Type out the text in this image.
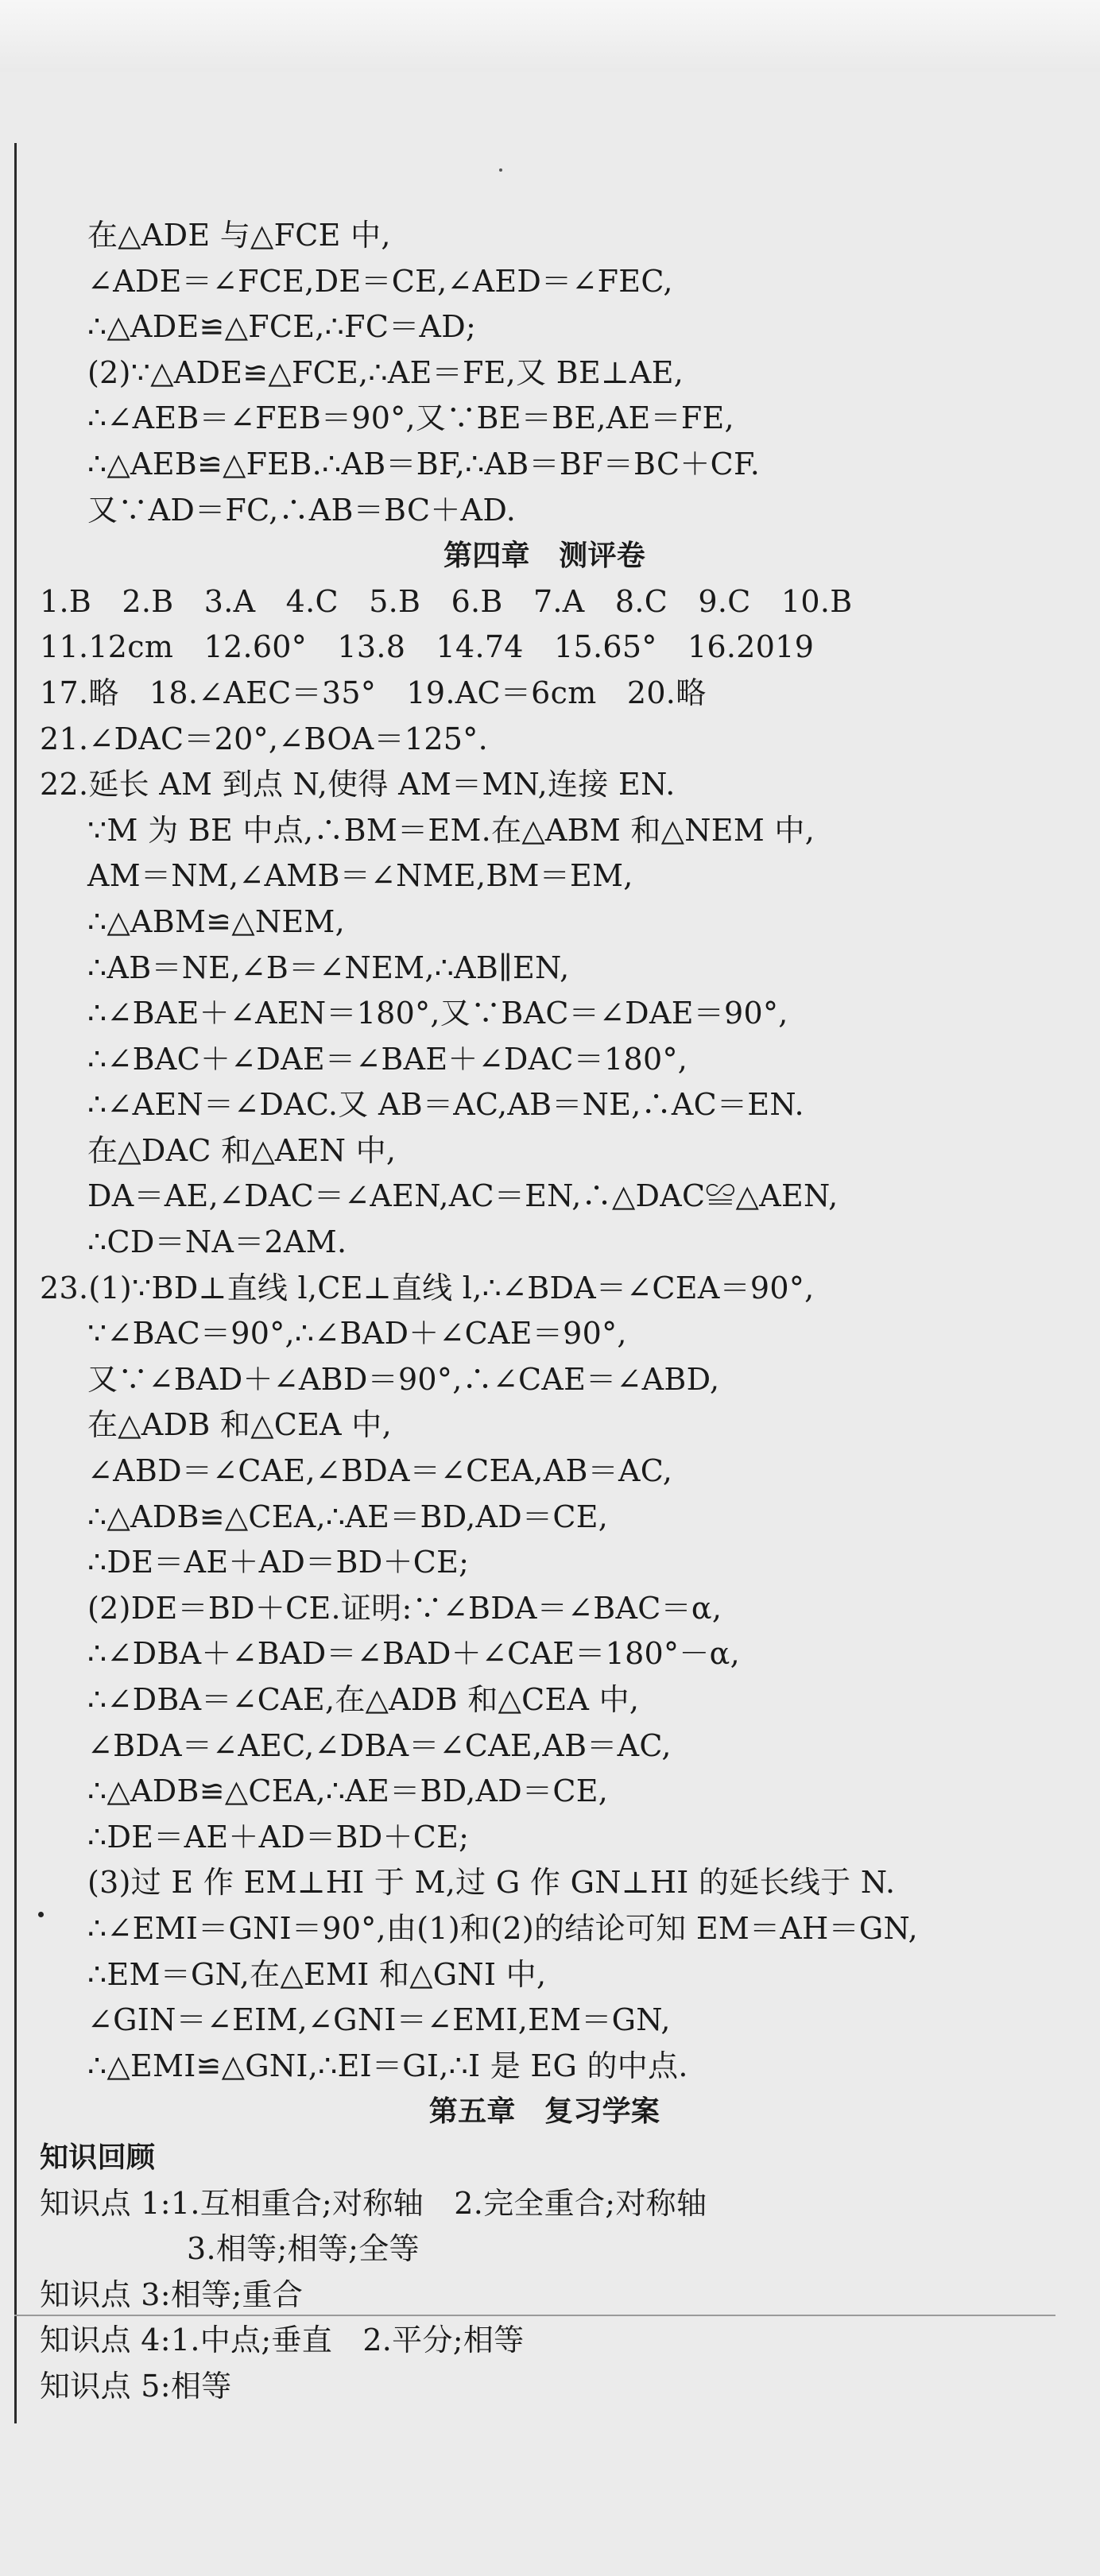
在△ADE 与△FCE 中,
∠ADE＝∠FCE,DE＝CE,∠AED＝∠FEC,
∴△ADE≌△FCE,∴FC＝AD;
(2)∵△ADE≌△FCE,∴AE＝FE,又 BE⊥AE,
∴∠AEB＝∠FEB＝90°,又∵BE＝BE,AE＝FE,
∴△AEB≌△FEB.∴AB＝BF,∴AB＝BF＝BC＋CF.
又∵AD＝FC,∴AB＝BC＋AD.
第四章　测评卷
1.B　2.B　3.A　4.C　5.B　6.B　7.A　8.C　9.C　10.B
11.12cm　12.60°　13.8　14.74　15.65°　16.2019
17.略　18.∠AEC＝35°　19.AC＝6cm　20.略
21.∠DAC＝20°,∠BOA＝125°.
22.延长 AM 到点 N,使得 AM＝MN,连接 EN.
∵M 为 BE 中点,∴BM＝EM.在△ABM 和△NEM 中,
AM＝NM,∠AMB＝∠NME,BM＝EM,
∴△ABM≌△NEM,
∴AB＝NE,∠B＝∠NEM,∴AB∥EN,
∴∠BAE＋∠AEN＝180°,又∵BAC＝∠DAE＝90°,
∴∠BAC＋∠DAE＝∠BAE＋∠DAC＝180°,
∴∠AEN＝∠DAC.又 AB＝AC,AB＝NE,∴AC＝EN.
在△DAC 和△AEN 中,
DA＝AE,∠DAC＝∠AEN,AC＝EN,∴△DAC≌△AEN,
∴CD＝NA＝2AM.
23.(1)∵BD⊥直线 l,CE⊥直线 l,∴∠BDA＝∠CEA＝90°,
∵∠BAC＝90°,∴∠BAD＋∠CAE＝90°,
又∵∠BAD＋∠ABD＝90°,∴∠CAE＝∠ABD,
在△ADB 和△CEA 中,
∠ABD＝∠CAE,∠BDA＝∠CEA,AB＝AC,
∴△ADB≌△CEA,∴AE＝BD,AD＝CE,
∴DE＝AE＋AD＝BD＋CE;
(2)DE＝BD＋CE.证明:∵∠BDA＝∠BAC＝α,
∴∠DBA＋∠BAD＝∠BAD＋∠CAE＝180°－α,
∴∠DBA＝∠CAE,在△ADB 和△CEA 中,
∠BDA＝∠AEC,∠DBA＝∠CAE,AB＝AC,
∴△ADB≌△CEA,∴AE＝BD,AD＝CE,
∴DE＝AE＋AD＝BD＋CE;
(3)过 E 作 EM⊥HI 于 M,过 G 作 GN⊥HI 的延长线于 N.
∴∠EMI＝GNI＝90°,由(1)和(2)的结论可知 EM＝AH＝GN,
∴EM＝GN,在△EMI 和△GNI 中,
∠GIN＝∠EIM,∠GNI＝∠EMI,EM＝GN,
∴△EMI≌△GNI,∴EI＝GI,∴I 是 EG 的中点.
第五章　复习学案
知识回顾
知识点 1:1.互相重合;对称轴　2.完全重合;对称轴
3.相等;相等;全等
知识点 3:相等;重合
知识点 4:1.中点;垂直　2.平分;相等
知识点 5:相等
